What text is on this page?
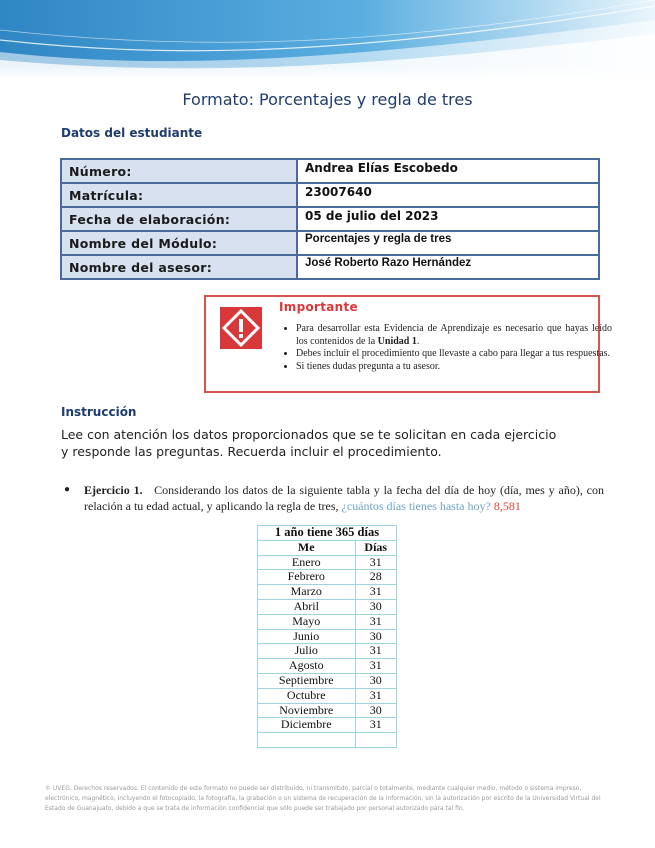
Formato: Porcentajes y regla de tres
Datos del estudiante
Número:	Andrea Elías Escobedo
Matrícula:	23007640
Fecha de elaboración:	05 de julio del 2023
Nombre del Módulo:	Porcentajes y regla de tres
Nombre del asesor:	José Roberto Razo Hernández
Importante
• Para desarrollar esta Evidencia de Aprendizaje es necesario que hayas leído los contenidos de la Unidad 1.
• Debes incluir el procedimiento que llevaste a cabo para llegar a tus respuestas.
• Si tienes dudas pregunta a tu asesor.
Instrucción
Lee con atención los datos proporcionados que se te solicitan en cada ejercicio y responde las preguntas. Recuerda incluir el procedimiento.
● Ejercicio 1. Considerando los datos de la siguiente tabla y la fecha del día de hoy (día, mes y año), con relación a tu edad actual, y aplicando la regla de tres, ¿cuántos días tienes hasta hoy? 8,581
1 año tiene 365 días	
Me	Días
Enero	31
Febrero	28
Marzo	31
Abril	30
Mayo	31
Junio	30
Julio	31
Agosto	31
Septiembre	30
Octubre	31
Noviembre	30
Diciembre	31

© UVEG. Derechos reservados. El contenido de este formato no puede ser distribuido, ni transmitido, parcial o totalmente, mediante cualquier medio, método o sistema impreso, electrónico, magnético, incluyendo el fotocopiado, la fotografía, la grabación o un sistema de recuperación de la información, sin la autorización por escrito de la Universidad Virtual del Estado de Guanajuato, debido a que se trata de información confidencial que sólo puede ser trabajado por personal autorizado para tal fin.
